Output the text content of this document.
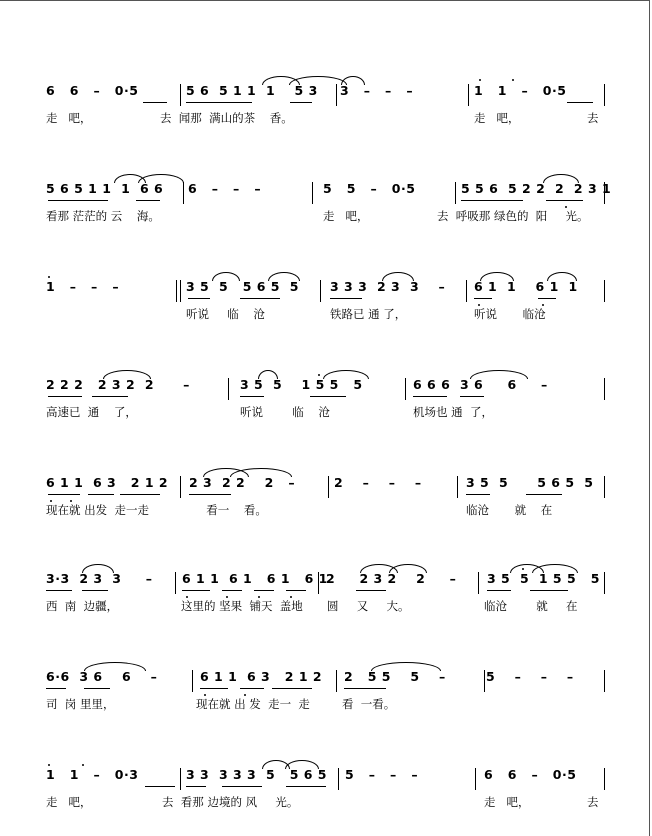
6   6   –   0·5	5 6  5 1 1  1    5 3 3   –   –   –	1   1   –   0·5
走   吧，	去  闻那  满山的茶    香。	走   吧，	去
5 6 5 1 1  1  6 6 6   –   –   –	5   5   –   0·5	5 5 6  5 2 2  2  2 3 1
看那 茫茫的 云    海。	走   吧，	去  呼吸那 绿色的  阳     光。
1   –   –   –	3 5  5   5 6 5  5 3 3 3  2 3  3    – 6 1  1    6 1  1
听说     临    沧	铁路已 通 了，	听说       临沧
2 2 2   2 3 2  2      –	3 5  5    1 5 5   5	6 6 6  3 6     6     –
高速已  通    了，	听说        临    沧	机场也 通  了，
6 1 1  6 3   2 1 2 2 3  2 2    2   –	2    –    –    –	3 5  5      5 6 5  5
现在就 出发  走一走	看一    看。	临沧       就    在
3·3  2 3  3     – 6 1 1  6 1   6 1   6 1
2     2 3 2    2     – 3 5  5  1 5 5   5
西  南  边疆，	这里的 坚果  铺天  盖地 圆     又     大。	临沧        就     在
6·6  3 6    6    –	6 1 1  6 3   2 1 2 2   5 5    5    –	5    –    –    –
司  岗 里里，	现在就 出 发  走一  走	看  一看。
1   1   –   0·3	3 3  3 3 3  5   5 6 5 5   –   –   –	6   6   –   0·5
走   吧，	去  看那 边境的 风     光。	走   吧，	去
